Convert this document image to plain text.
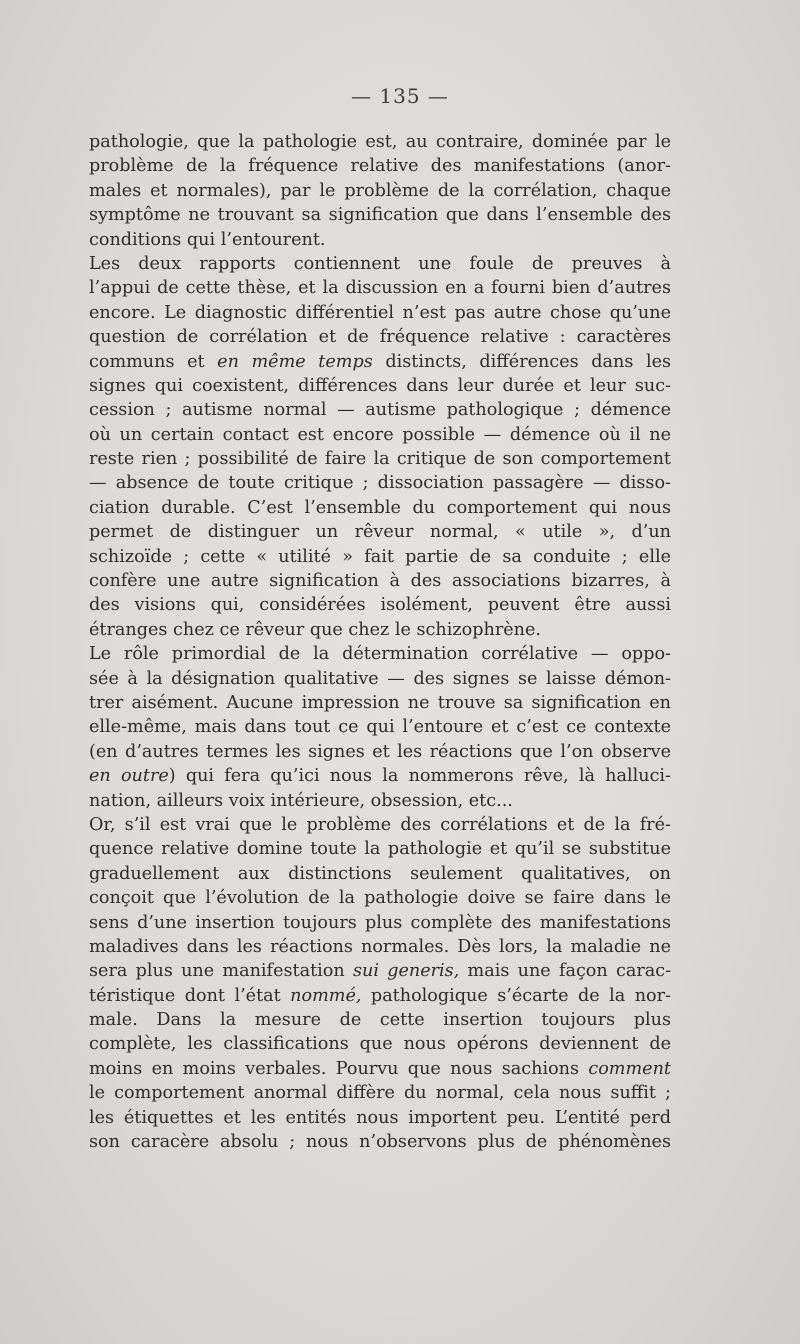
— 135 —
pathologie, que la pathologie est, au contraire, dominée par le
problème de la fréquence relative des manifestations (anor-
males et normales), par le problème de la corrélation, chaque
symptôme ne trouvant sa signification que dans l’ensemble des
conditions qui l’entourent.
Les deux rapports contiennent une foule de preuves à
l’appui de cette thèse, et la discussion en a fourni bien d’autres
encore. Le diagnostic différentiel n’est pas autre chose qu’une
question de corrélation et de fréquence relative : caractères
communs et en même temps distincts, différences dans les
signes qui coexistent, différences dans leur durée et leur suc-
cession ; autisme normal — autisme pathologique ; démence
où un certain contact est encore possible — démence où il ne
reste rien ; possibilité de faire la critique de son comportement
— absence de toute critique ; dissociation passagère — disso-
ciation durable. C’est l’ensemble du comportement qui nous
permet de distinguer un rêveur normal, « utile », d’un
schizoïde ; cette « utilité » fait partie de sa conduite ; elle
confère une autre signification à des associations bizarres, à
des visions qui, considérées isolément, peuvent être aussi
étranges chez ce rêveur que chez le schizophrène.
Le rôle primordial de la détermination corrélative — oppo-
sée à la désignation qualitative — des signes se laisse démon-
trer aisément. Aucune impression ne trouve sa signification en
elle-même, mais dans tout ce qui l’entoure et c’est ce contexte
(en d’autres termes les signes et les réactions que l’on observe
en outre) qui fera qu’ici nous la nommerons rêve, là halluci-
nation, ailleurs voix intérieure, obsession, etc...
Or, s’il est vrai que le problème des corrélations et de la fré-
quence relative domine toute la pathologie et qu’il se substitue
graduellement aux distinctions seulement qualitatives, on
conçoit que l’évolution de la pathologie doive se faire dans le
sens d’une insertion toujours plus complète des manifestations
maladives dans les réactions normales. Dès lors, la maladie ne
sera plus une manifestation sui generis, mais une façon carac-
téristique dont l’état nommé, pathologique s’écarte de la nor-
male. Dans la mesure de cette insertion toujours plus
complète, les classifications que nous opérons deviennent de
moins en moins verbales. Pourvu que nous sachions comment
le comportement anormal diffère du normal, cela nous suffit ;
les étiquettes et les entités nous importent peu. L’entité perd
son caracère absolu ; nous n’observons plus de phénomènes
